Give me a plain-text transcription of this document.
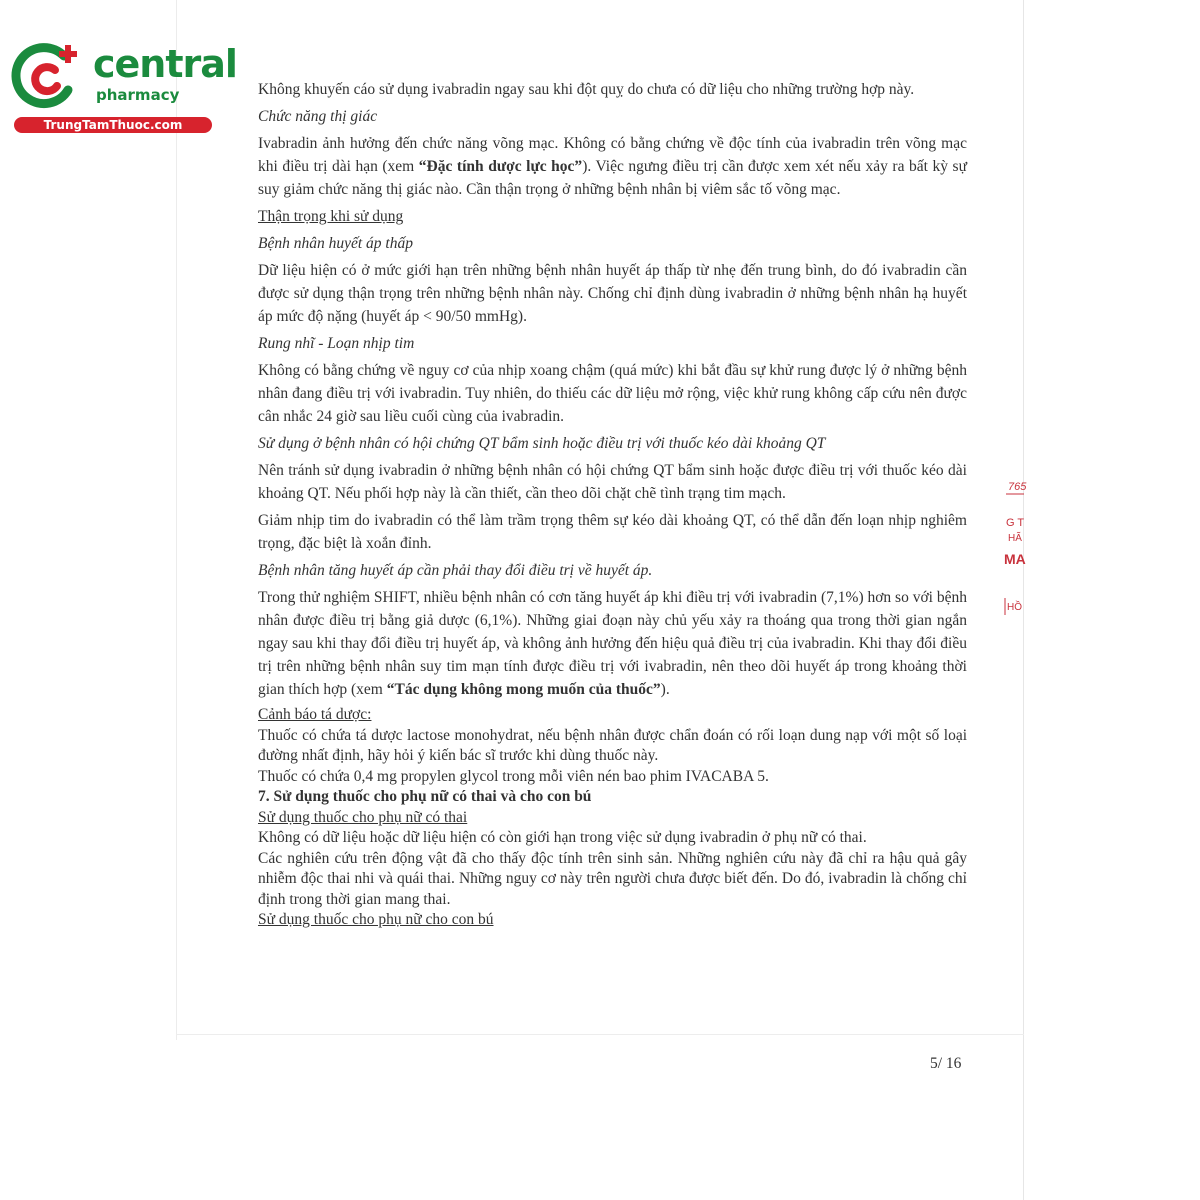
central
pharmacy
TrungTamThuoc.com

Không khuyến cáo sử dụng ivabradin ngay sau khi đột quỵ do chưa có dữ liệu cho những trường hợp này.

Chức năng thị giác

Ivabradin ảnh hưởng đến chức năng võng mạc. Không có bằng chứng về độc tính của ivabradin trên võng mạc khi điều trị dài hạn (xem “Đặc tính dược lực học”). Việc ngưng điều trị cần được xem xét nếu xảy ra bất kỳ sự suy giảm chức năng thị giác nào. Cần thận trọng ở những bệnh nhân bị viêm sắc tố võng mạc.

Thận trọng khi sử dụng

Bệnh nhân huyết áp thấp

Dữ liệu hiện có ở mức giới hạn trên những bệnh nhân huyết áp thấp từ nhẹ đến trung bình, do đó ivabradin cần được sử dụng thận trọng trên những bệnh nhân này. Chống chỉ định dùng ivabradin ở những bệnh nhân hạ huyết áp mức độ nặng (huyết áp < 90/50 mmHg).

Rung nhĩ - Loạn nhịp tim

Không có bằng chứng về nguy cơ của nhịp xoang chậm (quá mức) khi bắt đầu sự khử rung được lý ở những bệnh nhân đang điều trị với ivabradin. Tuy nhiên, do thiếu các dữ liệu mở rộng, việc khử rung không cấp cứu nên được cân nhắc 24 giờ sau liều cuối cùng của ivabradin.

Sử dụng ở bệnh nhân có hội chứng QT bẩm sinh hoặc điều trị với thuốc kéo dài khoảng QT

Nên tránh sử dụng ivabradin ở những bệnh nhân có hội chứng QT bẩm sinh hoặc được điều trị với thuốc kéo dài khoảng QT. Nếu phối hợp này là cần thiết, cần theo dõi chặt chẽ tình trạng tim mạch.

Giảm nhịp tim do ivabradin có thể làm trầm trọng thêm sự kéo dài khoảng QT, có thể dẫn đến loạn nhịp nghiêm trọng, đặc biệt là xoắn đỉnh.

Bệnh nhân tăng huyết áp cần phải thay đổi điều trị về huyết áp.

Trong thử nghiệm SHIFT, nhiều bệnh nhân có cơn tăng huyết áp khi điều trị với ivabradin (7,1%) hơn so với bệnh nhân được điều trị bằng giả dược (6,1%). Những giai đoạn này chủ yếu xảy ra thoáng qua trong thời gian ngắn ngay sau khi thay đổi điều trị huyết áp, và không ảnh hưởng đến hiệu quả điều trị của ivabradin. Khi thay đổi điều trị trên những bệnh nhân suy tim mạn tính được điều trị với ivabradin, nên theo dõi huyết áp trong khoảng thời gian thích hợp (xem “Tác dụng không mong muốn của thuốc”).

Cảnh báo tá dược:

Thuốc có chứa tá dược lactose monohydrat, nếu bệnh nhân được chẩn đoán có rối loạn dung nạp với một số loại đường nhất định, hãy hỏi ý kiến bác sĩ trước khi dùng thuốc này.

Thuốc có chứa 0,4 mg propylen glycol trong mỗi viên nén bao phim IVACABA 5.

7. Sử dụng thuốc cho phụ nữ có thai và cho con bú

Sử dụng thuốc cho phụ nữ có thai

Không có dữ liệu hoặc dữ liệu hiện có còn giới hạn trong việc sử dụng ivabradin ở phụ nữ có thai.

Các nghiên cứu trên động vật đã cho thấy độc tính trên sinh sản. Những nghiên cứu này đã chỉ ra hậu quả gây nhiễm độc thai nhi và quái thai. Những nguy cơ này trên người chưa được biết đến. Do đó, ivabradin là chống chỉ định trong thời gian mang thai.

Sử dụng thuốc cho phụ nữ cho con bú

765
G T
HÃ
MA
HỒ
5/ 16
